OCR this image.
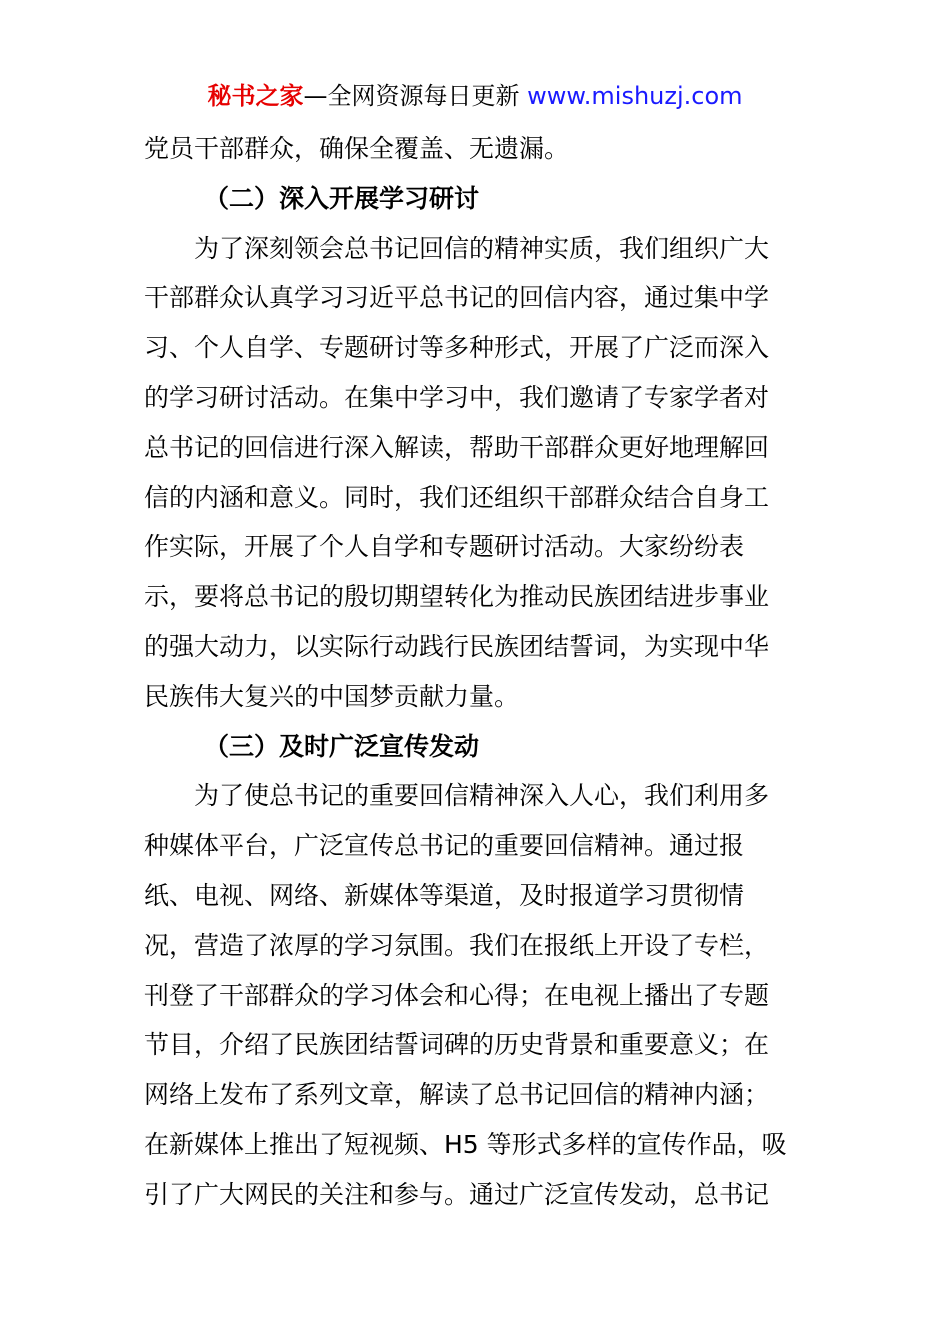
秘书之家—全网资源每日更新 www.mishuzj.com
党员干部群众，确保全覆盖、无遗漏。
（二）深入开展学习研讨
　　为了深刻领会总书记回信的精神实质，我们组织广大
干部群众认真学习习近平总书记的回信内容，通过集中学
习、个人自学、专题研讨等多种形式，开展了广泛而深入
的学习研讨活动。在集中学习中，我们邀请了专家学者对
总书记的回信进行深入解读，帮助干部群众更好地理解回
信的内涵和意义。同时，我们还组织干部群众结合自身工
作实际，开展了个人自学和专题研讨活动。大家纷纷表
示，要将总书记的殷切期望转化为推动民族团结进步事业
的强大动力，以实际行动践行民族团结誓词，为实现中华
民族伟大复兴的中国梦贡献力量。
（三）及时广泛宣传发动
　　为了使总书记的重要回信精神深入人心，我们利用多
种媒体平台，广泛宣传总书记的重要回信精神。通过报
纸、电视、网络、新媒体等渠道，及时报道学习贯彻情
况，营造了浓厚的学习氛围。我们在报纸上开设了专栏，
刊登了干部群众的学习体会和心得；在电视上播出了专题
节目，介绍了民族团结誓词碑的历史背景和重要意义；在
网络上发布了系列文章，解读了总书记回信的精神内涵；
在新媒体上推出了短视频、H5 等形式多样的宣传作品，吸
引了广大网民的关注和参与。通过广泛宣传发动，总书记
